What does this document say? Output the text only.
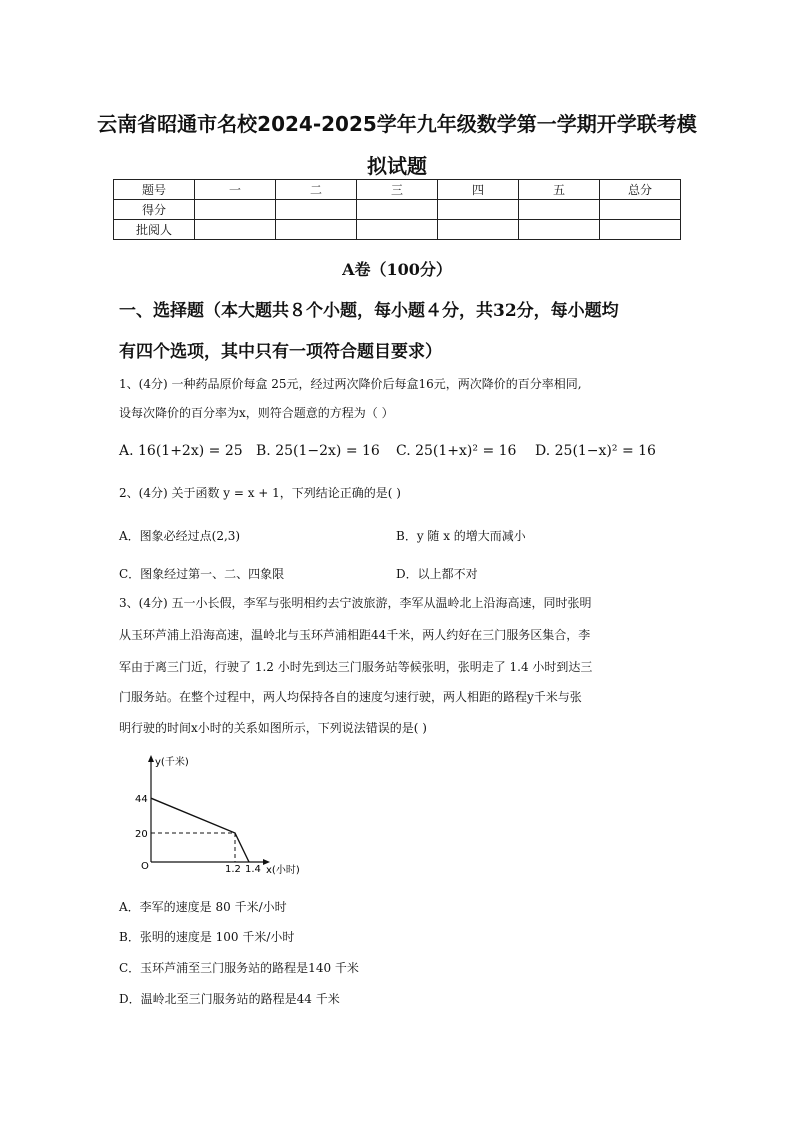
云南省昭通市名校2024-2025学年九年级数学第一学期开学联考模
拟试题
题号	一	二	三	四	五	总分
得分						
批阅人						
A卷（100分）
一、选择题（本大题共８个小题，每小题４分，共32分，每小题均
有四个选项，其中只有一项符合题目要求）
1、(4分) 一种药品原价每盒 25元，经过两次降价后每盒16元，两次降价的百分率相同,
设每次降价的百分率为x，则符合题意的方程为（ ）
A. 16(1+2x) = 25 B. 25(1−2x) = 16 C. 25(1+x)² = 16 D. 25(1−x)² = 16
2、(4分) 关于函数 y = x + 1，下列结论正确的是( )
A．图象必经过点(2,3)	B．y 随 x 的增大而减小
C．图象经过第一、二、四象限	D．以上都不对
3、(4分) 五一小长假，李军与张明相约去宁波旅游，李军从温岭北上沿海高速，同时张明
从玉环芦浦上沿海高速，温岭北与玉环芦浦相距44千米，两人约好在三门服务区集合，李
军由于离三门近，行驶了 1.2 小时先到达三门服务站等候张明，张明走了 1.4 小时到达三
门服务站。在整个过程中，两人均保持各自的速度匀速行驶，两人相距的路程y千米与张
明行驶的时间x小时的关系如图所示，下列说法错误的是( )
y(千米)
x(小时)
O
44
20
1.2 1.4
A．李军的速度是 80 千米/小时
B．张明的速度是 100 千米/小时
C．玉环芦浦至三门服务站的路程是140 千米
D．温岭北至三门服务站的路程是44 千米
